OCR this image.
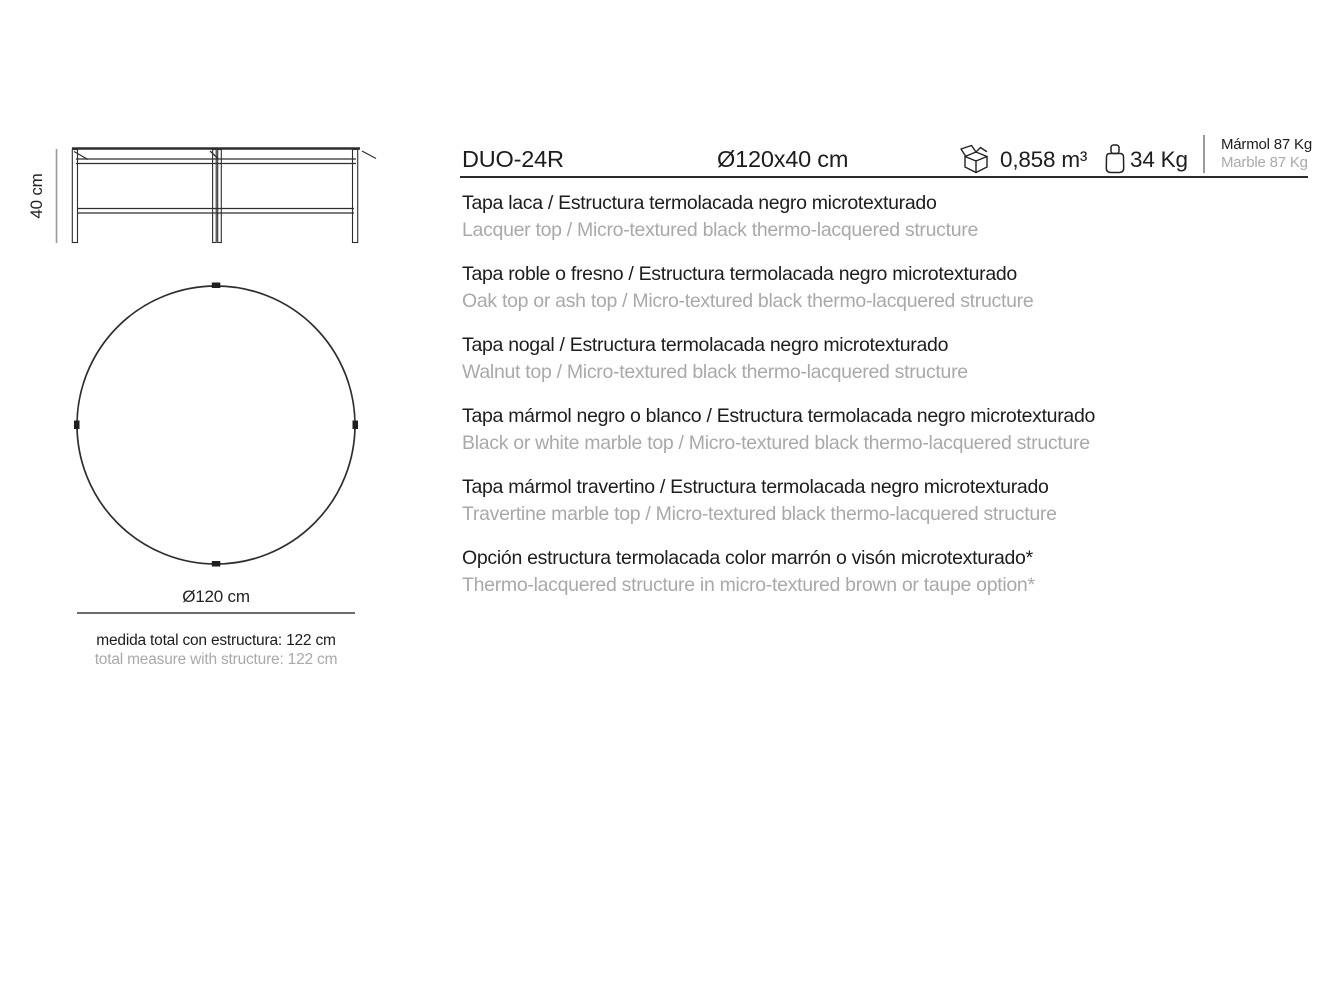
40 cm
Ø120 cm
medida total con estructura: 122 cm
total measure with structure: 122 cm
DUO-24R	Ø120x40 cm	0,858 m³ 34 Kg
Mármol 87 Kg
Marble 87 Kg
Tapa laca / Estructura termolacada negro microtexturado
Lacquer top / Micro-textured black thermo-lacquered structure
Tapa roble o fresno / Estructura termolacada negro microtexturado
Oak top or ash top / Micro-textured black thermo-lacquered structure
Tapa nogal / Estructura termolacada negro microtexturado
Walnut top / Micro-textured black thermo-lacquered structure
Tapa mármol negro o blanco / Estructura termolacada negro microtexturado
Black or white marble top / Micro-textured black thermo-lacquered structure
Tapa mármol travertino / Estructura termolacada negro microtexturado
Travertine marble top / Micro-textured black thermo-lacquered structure
Opción estructura termolacada color marrón o visón microtexturado*
Thermo-lacquered structure in micro-textured brown or taupe option*
